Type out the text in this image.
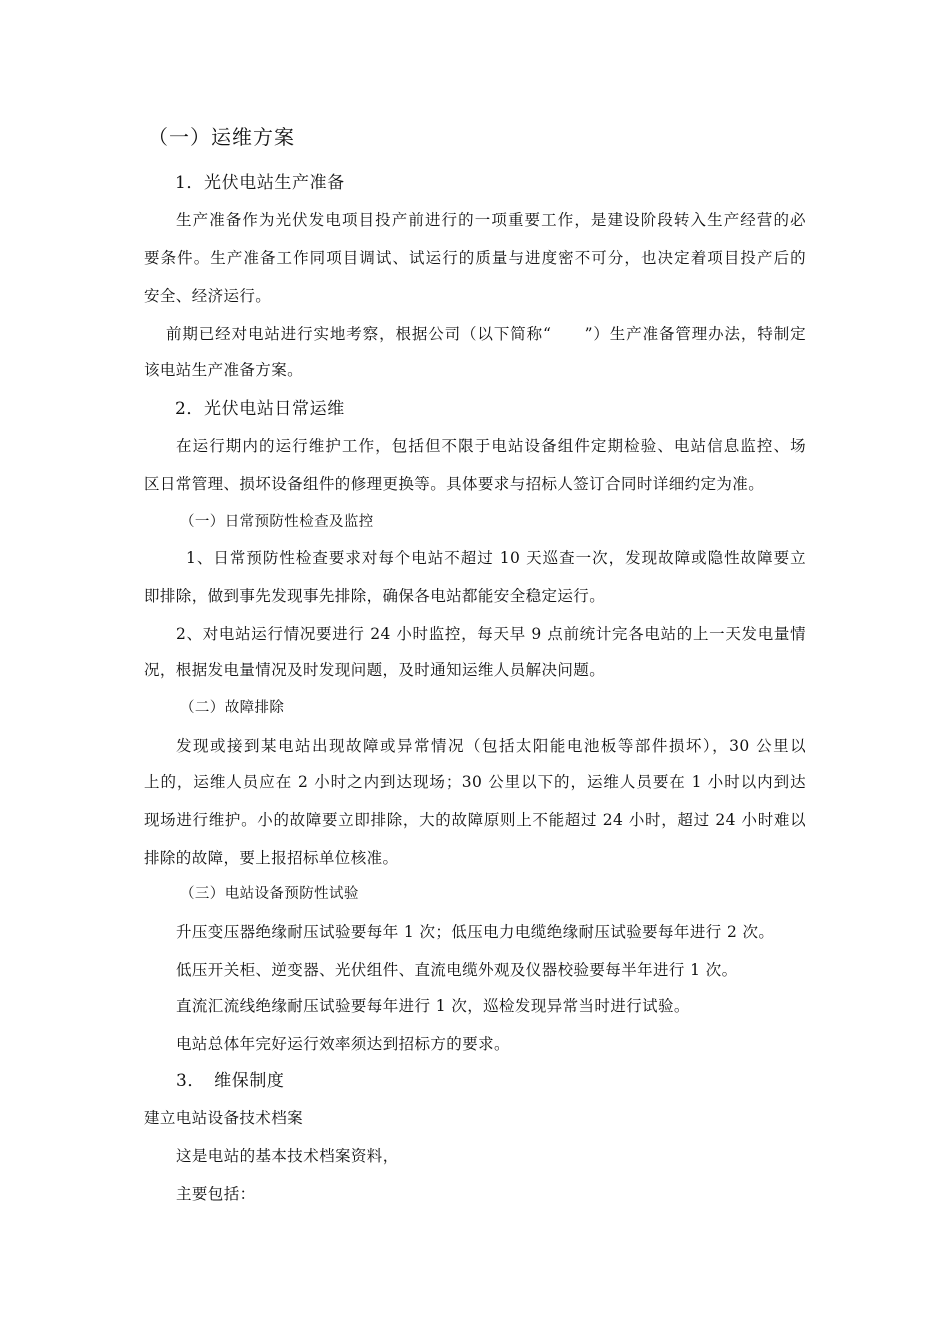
（一）运维方案
1．光伏电站生产准备
生产准备作为光伏发电项目投产前进行的一项重要工作，是建设阶段转入生产经营的必
要条件。生产准备工作同项目调试、试运行的质量与进度密不可分，也决定着项目投产后的
安全、经济运行。
前期已经对电站进行实地考察，根据公司（以下简称“　　”）生产准备管理办法，特制定
该电站生产准备方案。
2．光伏电站日常运维
在运行期内的运行维护工作，包括但不限于电站设备组件定期检验、电站信息监控、场
区日常管理、损坏设备组件的修理更换等。具体要求与招标人签订合同时详细约定为准。
（一）日常预防性检查及监控
1、日常预防性检查要求对每个电站不超过 10 天巡查一次，发现故障或隐性故障要立
即排除，做到事先发现事先排除，确保各电站都能安全稳定运行。
2、对电站运行情况要进行 24 小时监控，每天早 9 点前统计完各电站的上一天发电量情
况，根据发电量情况及时发现问题，及时通知运维人员解决问题。
（二）故障排除
发现或接到某电站出现故障或异常情况（包括太阳能电池板等部件损坏），30 公里以
上的，运维人员应在 2 小时之内到达现场；30 公里以下的，运维人员要在 1 小时以内到达
现场进行维护。小的故障要立即排除，大的故障原则上不能超过 24 小时，超过 24 小时难以
排除的故障，要上报招标单位核准。
（三）电站设备预防性试验
升压变压器绝缘耐压试验要每年 1 次；低压电力电缆绝缘耐压试验要每年进行 2 次。
低压开关柜、逆变器、光伏组件、直流电缆外观及仪器校验要每半年进行 1 次。
直流汇流线绝缘耐压试验要每年进行 1 次，巡检发现异常当时进行试验。
电站总体年完好运行效率须达到招标方的要求。
3．　维保制度
建立电站设备技术档案
这是电站的基本技术档案资料，
主要包括：
